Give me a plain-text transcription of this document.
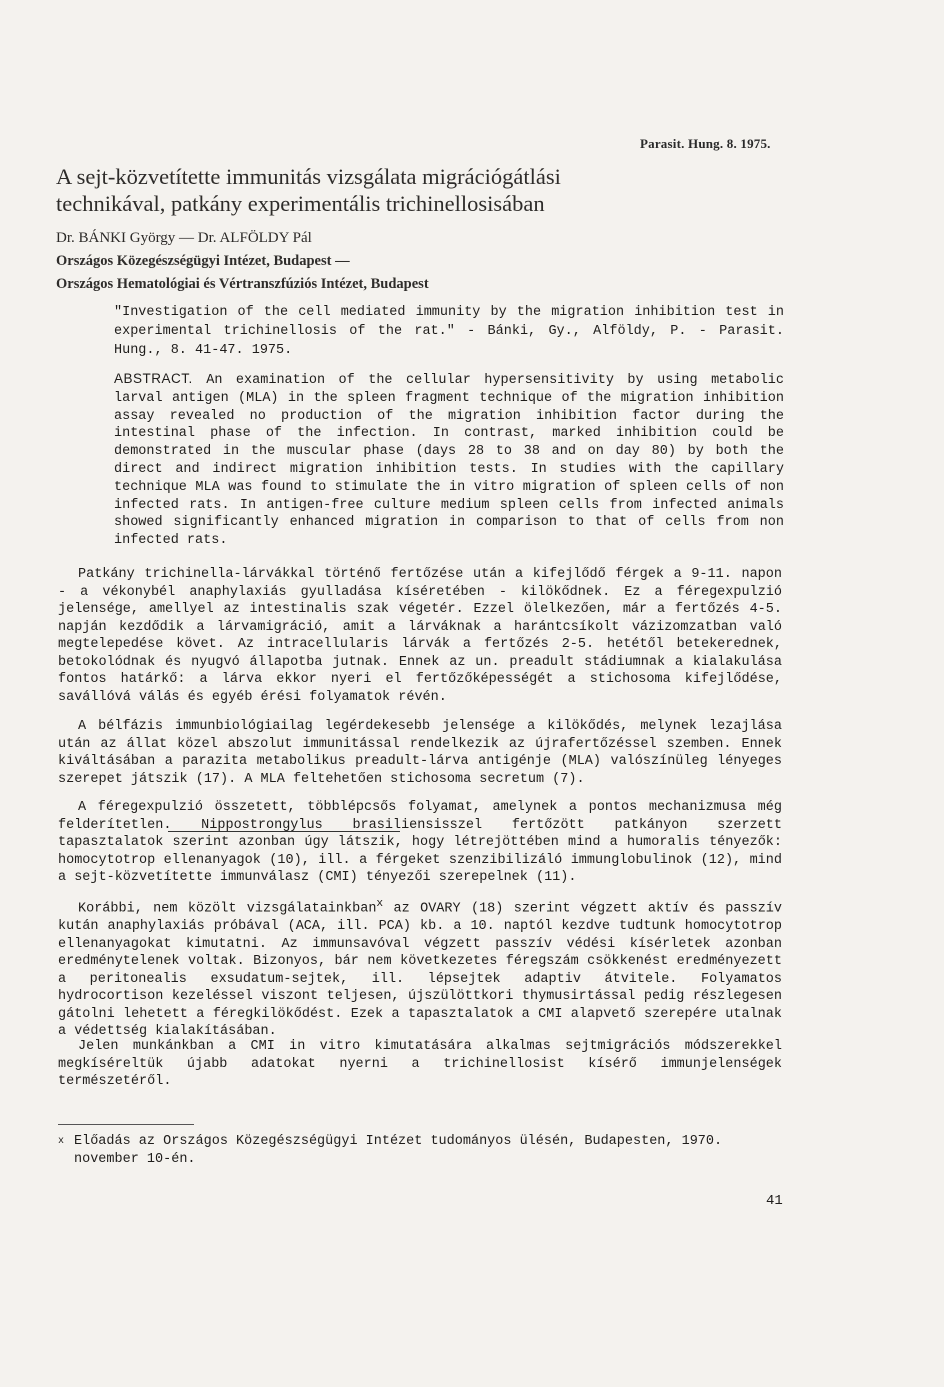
Parasit. Hung. 8. 1975.
A sejt-közvetítette immunitás vizsgálata migrációgátlási technikával, patkány experimentális trichinellosisában
Dr. BÁNKI György — Dr. ALFÖLDY Pál
Országos Közegészségügyi Intézet, Budapest —
Országos Hematológiai és Vértranszfúziós Intézet, Budapest
"Investigation of the cell mediated immunity by the migration inhibition test in experimental trichinellosis of the rat." - Bánki, Gy., Alföldy, P. - Parasit. Hung., 8. 41-47. 1975.
ABSTRACT. An examination of the cellular hypersensitivity by using metabolic larval antigen (MLA) in the spleen fragment technique of the migration inhibition assay revealed no production of the migration inhibition factor during the intestinal phase of the infection. In contrast, marked inhibition could be demonstrated in the muscular phase (days 28 to 38 and on day 80) by both the direct and indirect migration inhibition tests. In studies with the capillary technique MLA was found to stimulate the in vitro migration of spleen cells of non infected rats. In antigen-free culture medium spleen cells from infected animals showed significantly enhanced migration in comparison to that of cells from non infected rats.
Patkány trichinella-lárvákkal történő fertőzése után a kifejlődő férgek a 9-11. napon - a vékonybél anaphylaxiás gyulladása kíséretében - kilökődnek. Ez a féregexpulzió jelensége, amellyel az intestinalis szak végetér. Ezzel ölelkezően, már a fertőzés 4-5. napján kezdődik a lárvamigráció, amit a lárváknak a harántcsíkolt vázizomzatban való megtelepedése követ. Az intracellularis lárvák a fertőzés 2-5. hetétől betekerednek, betokolódnak és nyugvó állapotba jutnak. Ennek az un. preadult stádiumnak a kialakulása fontos határkő: a lárva ekkor nyeri el fertőzőképességét a stichosoma kifejlődése, savállóvá válás és egyéb érési folyamatok révén.
A bélfázis immunbiológiailag legérdekesebb jelensége a kilökődés, melynek lezajlása után az állat közel abszolut immunitással rendelkezik az újrafertőzéssel szemben. Ennek kiváltásában a parazita metabolikus preadult-lárva antigénje (MLA) valószínüleg lényeges szerepet játszik (17). A MLA feltehetően stichosoma secretum (7).
A féregexpulzió összetett, többlépcsős folyamat, amelynek a pontos mechanizmusa még felderítetlen. Nippostrongylus brasiliensisszel fertőzött patkányon szerzett tapasztalatok szerint azonban úgy látszik, hogy létrejöttében mind a humoralis tényezők: homocytotrop ellenanyagok (10), ill. a férgeket szenzibilizáló immunglobulinok (12), mind a sejt-közvetítette immunválasz (CMI) tényezői szerepelnek (11).
Korábbi, nem közölt vizsgálatainkban$^x$ az OVARY (18) szerint végzett aktív és passzív kután anaphylaxiás próbával (ACA, ill. PCA) kb. a 10. naptól kezdve tudtunk homocytotrop ellenanyagokat kimutatni. Az immunsavóval végzett passzív védési kísérletek azonban eredménytelenek voltak. Bizonyos, bár nem következetes féregszám csökkenést eredményezett a peritonealis exsudatum-sejtek, ill. lépsejtek adaptiv átvitele. Folyamatos hydrocortison kezeléssel viszont teljesen, újszülöttkori thymusirtással pedig részlegesen gátolni lehetett a féregkilökődést. Ezek a tapasztalatok a CMI alapvető szerepére utalnak a védettség kialakításában.
Jelen munkánkban a CMI in vitro kimutatására alkalmas sejtmigrációs módszerekkel megkíséreltük újabb adatokat nyerni a trichinellosist kísérő immunjelenségek természetéről.
x Előadás az Országos Közegészségügyi Intézet tudományos ülésén, Budapesten, 1970. november 10-én.
41
